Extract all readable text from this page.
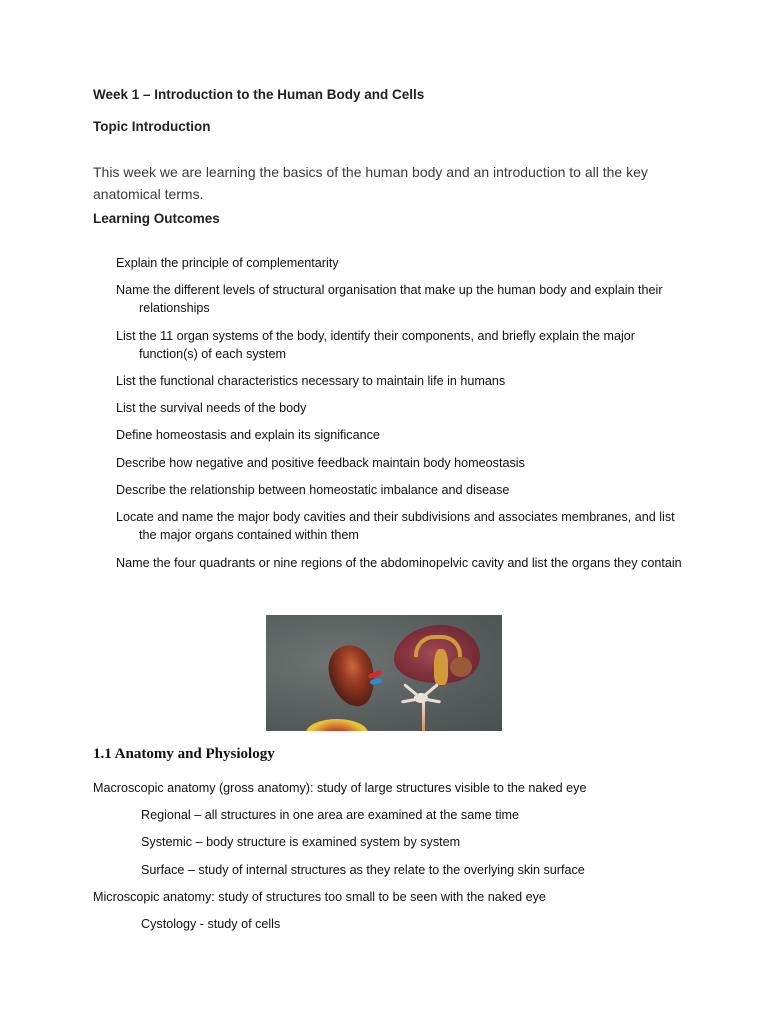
Week 1 – Introduction to the Human Body and Cells
Topic Introduction

This week we are learning the basics of the human body and an introduction to all the key anatomical terms.

Learning Outcomes
Explain the principle of complementarity
Name the different levels of structural organisation that make up the human body and explain their relationships
List the 11 organ systems of the body, identify their components, and briefly explain the major function(s) of each system
List the functional characteristics necessary to maintain life in humans
List the survival needs of the body
Define homeostasis and explain its significance
Describe how negative and positive feedback maintain body homeostasis
Describe the relationship between homeostatic imbalance and disease
Locate and name the major body cavities and their subdivisions and associates membranes, and list the major organs contained within them
Name the four quadrants or nine regions of the abdominopelvic cavity and list the organs they contain
1.1 Anatomy and Physiology

Macroscopic anatomy (gross anatomy): study of large structures visible to the naked eye

Regional – all structures in one area are examined at the same time

Systemic – body structure is examined system by system

Surface – study of internal structures as they relate to the overlying skin surface

Microscopic anatomy: study of structures too small to be seen with the naked eye

Cystology - study of cells
